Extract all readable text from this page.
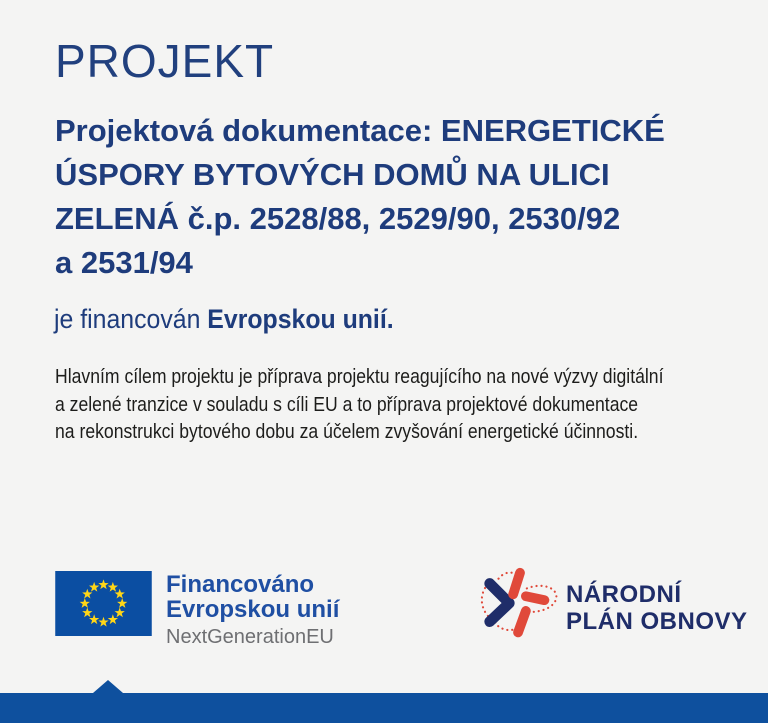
PROJEKT
Projektová dokumentace: ENERGETICKÉ
ÚSPORY BYTOVÝCH DOMŮ NA ULICI
ZELENÁ č.p. 2528/88, 2529/90, 2530/92
a 2531/94
je financován Evropskou unií.
Hlavním cílem projektu je příprava projektu reagujícího na nové výzvy digitální
a zelené tranzice v souladu s cíli EU a to příprava projektové dokumentace
na rekonstrukci bytového dobu za účelem zvyšování energetické účinnosti.
Financováno
Evropskou unií
NextGenerationEU
NÁRODNÍ
PLÁN OBNOVY
